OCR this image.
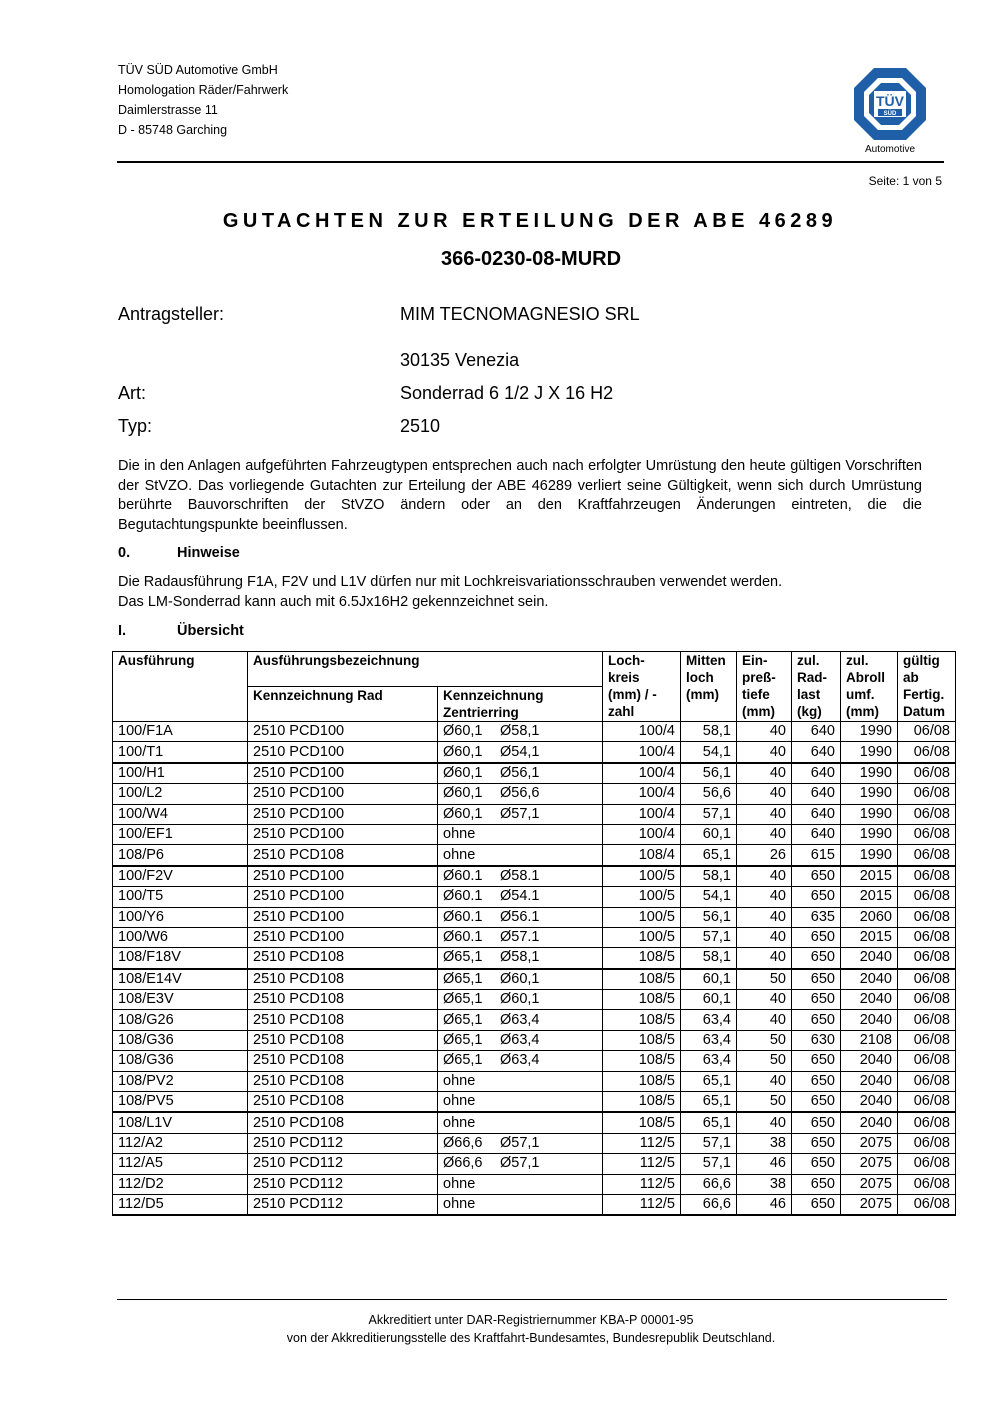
TÜV SÜD Automotive GmbH
Homologation Räder/Fahrwerk
Daimlerstrasse 11
D - 85748 Garching
TÜV
SÜD
Automotive
Seite: 1 von 5
GUTACHTEN ZUR ERTEILUNG DER ABE 46289
366-0230-08-MURD
Antragsteller:	MIM TECNOMAGNESIO SRL
30135 Venezia
Art:	Sonderrad 6 1/2 J X 16 H2
Typ:	2510
Die in den Anlagen aufgeführten Fahrzeugtypen entsprechen auch nach erfolgter Umrüstung den heute gültigen Vorschriften der StVZO. Das vorliegende Gutachten zur Erteilung der ABE 46289 verliert seine Gültigkeit, wenn sich durch Umrüstung berührte Bauvorschriften der StVZO ändern oder an den Kraftfahrzeugen Änderungen eintreten, die die Begutachtungspunkte beeinflussen.
0.	Hinweise
Die Radausführung F1A, F2V und L1V dürfen nur mit Lochkreisvariationsschrauben verwendet werden.
Das LM-Sonderrad kann auch mit 6.5Jx16H2 gekennzeichnet sein.
I.	Übersicht
Ausführung	Ausführungsbezeichnung		Loch- kreis (mm) / -zahl	Mitten loch (mm)	Ein- preß- tiefe (mm)	zul. Rad- last (kg)	zul. Abroll umf. (mm)	gültig ab Fertig. Datum
	Kennzeichnung Rad	Kennzeichnung Zentrierring						
100/F1A	2510 PCD100	Ø60,1 Ø58,1	100/4	58,1	40	640	1990	06/08
100/T1	2510 PCD100	Ø60,1 Ø54,1	100/4	54,1	40	640	1990	06/08
100/H1	2510 PCD100	Ø60,1 Ø56,1	100/4	56,1	40	640	1990	06/08
100/L2	2510 PCD100	Ø60,1 Ø56,6	100/4	56,6	40	640	1990	06/08
100/W4	2510 PCD100	Ø60,1 Ø57,1	100/4	57,1	40	640	1990	06/08
100/EF1	2510 PCD100	ohne	100/4	60,1	40	640	1990	06/08
108/P6	2510 PCD108	ohne	108/4	65,1	26	615	1990	06/08
100/F2V	2510 PCD100	Ø60.1 Ø58.1	100/5	58,1	40	650	2015	06/08
100/T5	2510 PCD100	Ø60.1 Ø54.1	100/5	54,1	40	650	2015	06/08
100/Y6	2510 PCD100	Ø60.1 Ø56.1	100/5	56,1	40	635	2060	06/08
100/W6	2510 PCD100	Ø60.1 Ø57.1	100/5	57,1	40	650	2015	06/08
108/F18V	2510 PCD108	Ø65,1 Ø58,1	108/5	58,1	40	650	2040	06/08
108/E14V	2510 PCD108	Ø65,1 Ø60,1	108/5	60,1	50	650	2040	06/08
108/E3V	2510 PCD108	Ø65,1 Ø60,1	108/5	60,1	40	650	2040	06/08
108/G26	2510 PCD108	Ø65,1 Ø63,4	108/5	63,4	40	650	2040	06/08
108/G36	2510 PCD108	Ø65,1 Ø63,4	108/5	63,4	50	630	2108	06/08
108/G36	2510 PCD108	Ø65,1 Ø63,4	108/5	63,4	50	650	2040	06/08
108/PV2	2510 PCD108	ohne	108/5	65,1	40	650	2040	06/08
108/PV5	2510 PCD108	ohne	108/5	65,1	50	650	2040	06/08
108/L1V	2510 PCD108	ohne	108/5	65,1	40	650	2040	06/08
112/A2	2510 PCD112	Ø66,6 Ø57,1	112/5	57,1	38	650	2075	06/08
112/A5	2510 PCD112	Ø66,6 Ø57,1	112/5	57,1	46	650	2075	06/08
112/D2	2510 PCD112	ohne	112/5	66,6	38	650	2075	06/08
112/D5	2510 PCD112	ohne	112/5	66,6	46	650	2075	06/08
Akkreditiert unter DAR-Registriernummer KBA-P 00001-95
von der Akkreditierungsstelle des Kraftfahrt-Bundesamtes, Bundesrepublik Deutschland.
